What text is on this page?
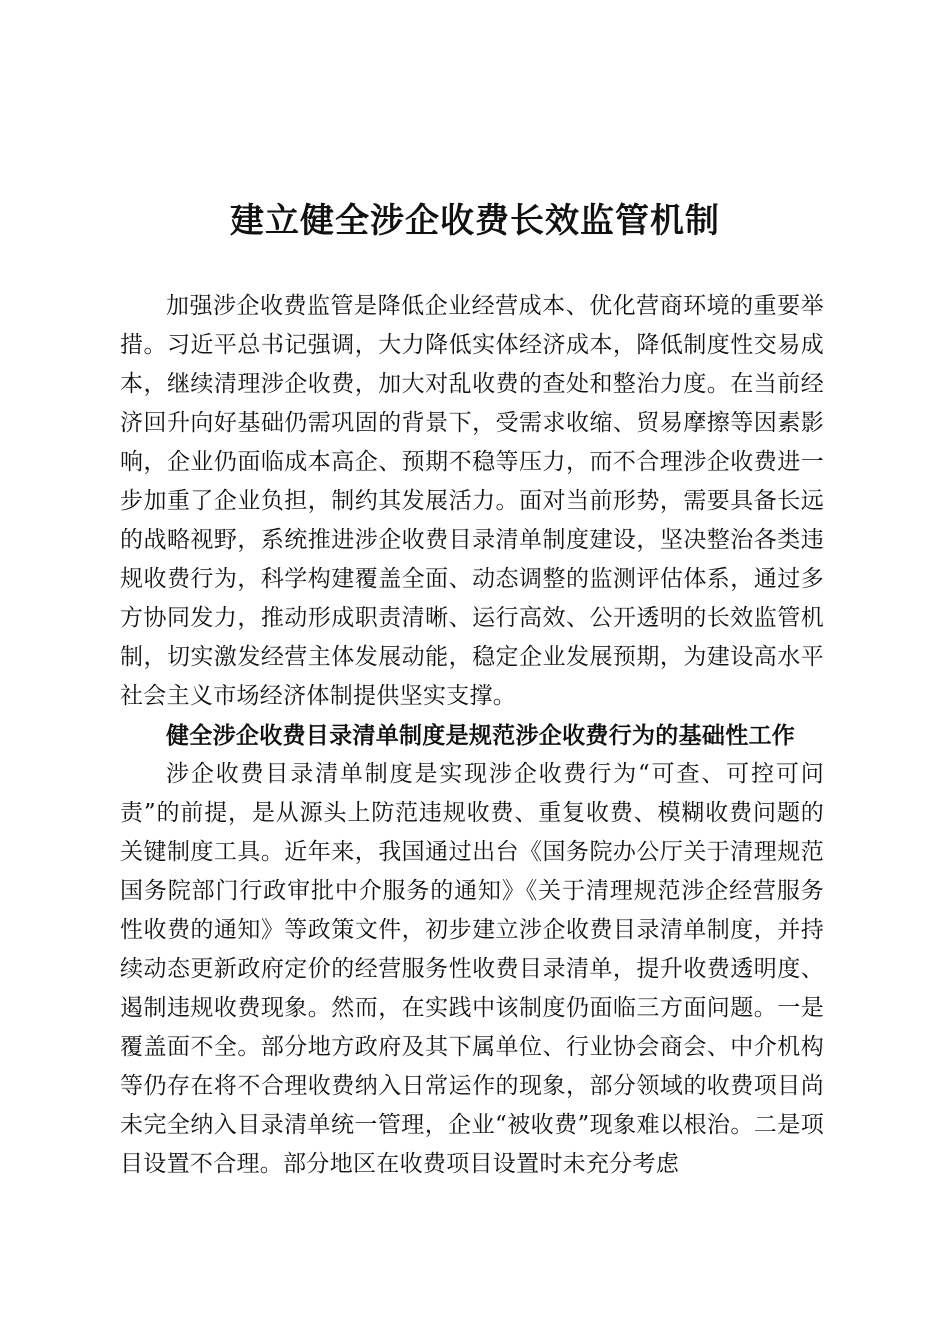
建立健全涉企收费长效监管机制

加强涉企收费监管是降低企业经营成本、优化营商环境的重要举措。习近平总书记强调，大力降低实体经济成本，降低制度性交易成本，继续清理涉企收费，加大对乱收费的查处和整治力度。在当前经济回升向好基础仍需巩固的背景下，受需求收缩、贸易摩擦等因素影响，企业仍面临成本高企、预期不稳等压力，而不合理涉企收费进一步加重了企业负担，制约其发展活力。面对当前形势，需要具备长远的战略视野，系统推进涉企收费目录清单制度建设，坚决整治各类违规收费行为，科学构建覆盖全面、动态调整的监测评估体系，通过多方协同发力，推动形成职责清晰、运行高效、公开透明的长效监管机制，切实激发经营主体发展动能，稳定企业发展预期，为建设高水平社会主义市场经济体制提供坚实支撑。

健全涉企收费目录清单制度是规范涉企收费行为的基础性工作

涉企收费目录清单制度是实现涉企收费行为“可查、可控可问责”的前提，是从源头上防范违规收费、重复收费、模糊收费问题的关键制度工具。近年来，我国通过出台《国务院办公厅关于清理规范国务院部门行政审批中介服务的通知》《关于清理规范涉企经营服务性收费的通知》等政策文件，初步建立涉企收费目录清单制度，并持续动态更新政府定价的经营服务性收费目录清单，提升收费透明度、遏制违规收费现象。然而，在实践中该制度仍面临三方面问题。一是覆盖面不全。部分地方政府及其下属单位、行业协会商会、中介机构等仍存在将不合理收费纳入日常运作的现象，部分领域的收费项目尚未完全纳入目录清单统一管理，企业“被收费”现象难以根治。二是项目设置不合理。部分地区在收费项目设置时未充分考虑
